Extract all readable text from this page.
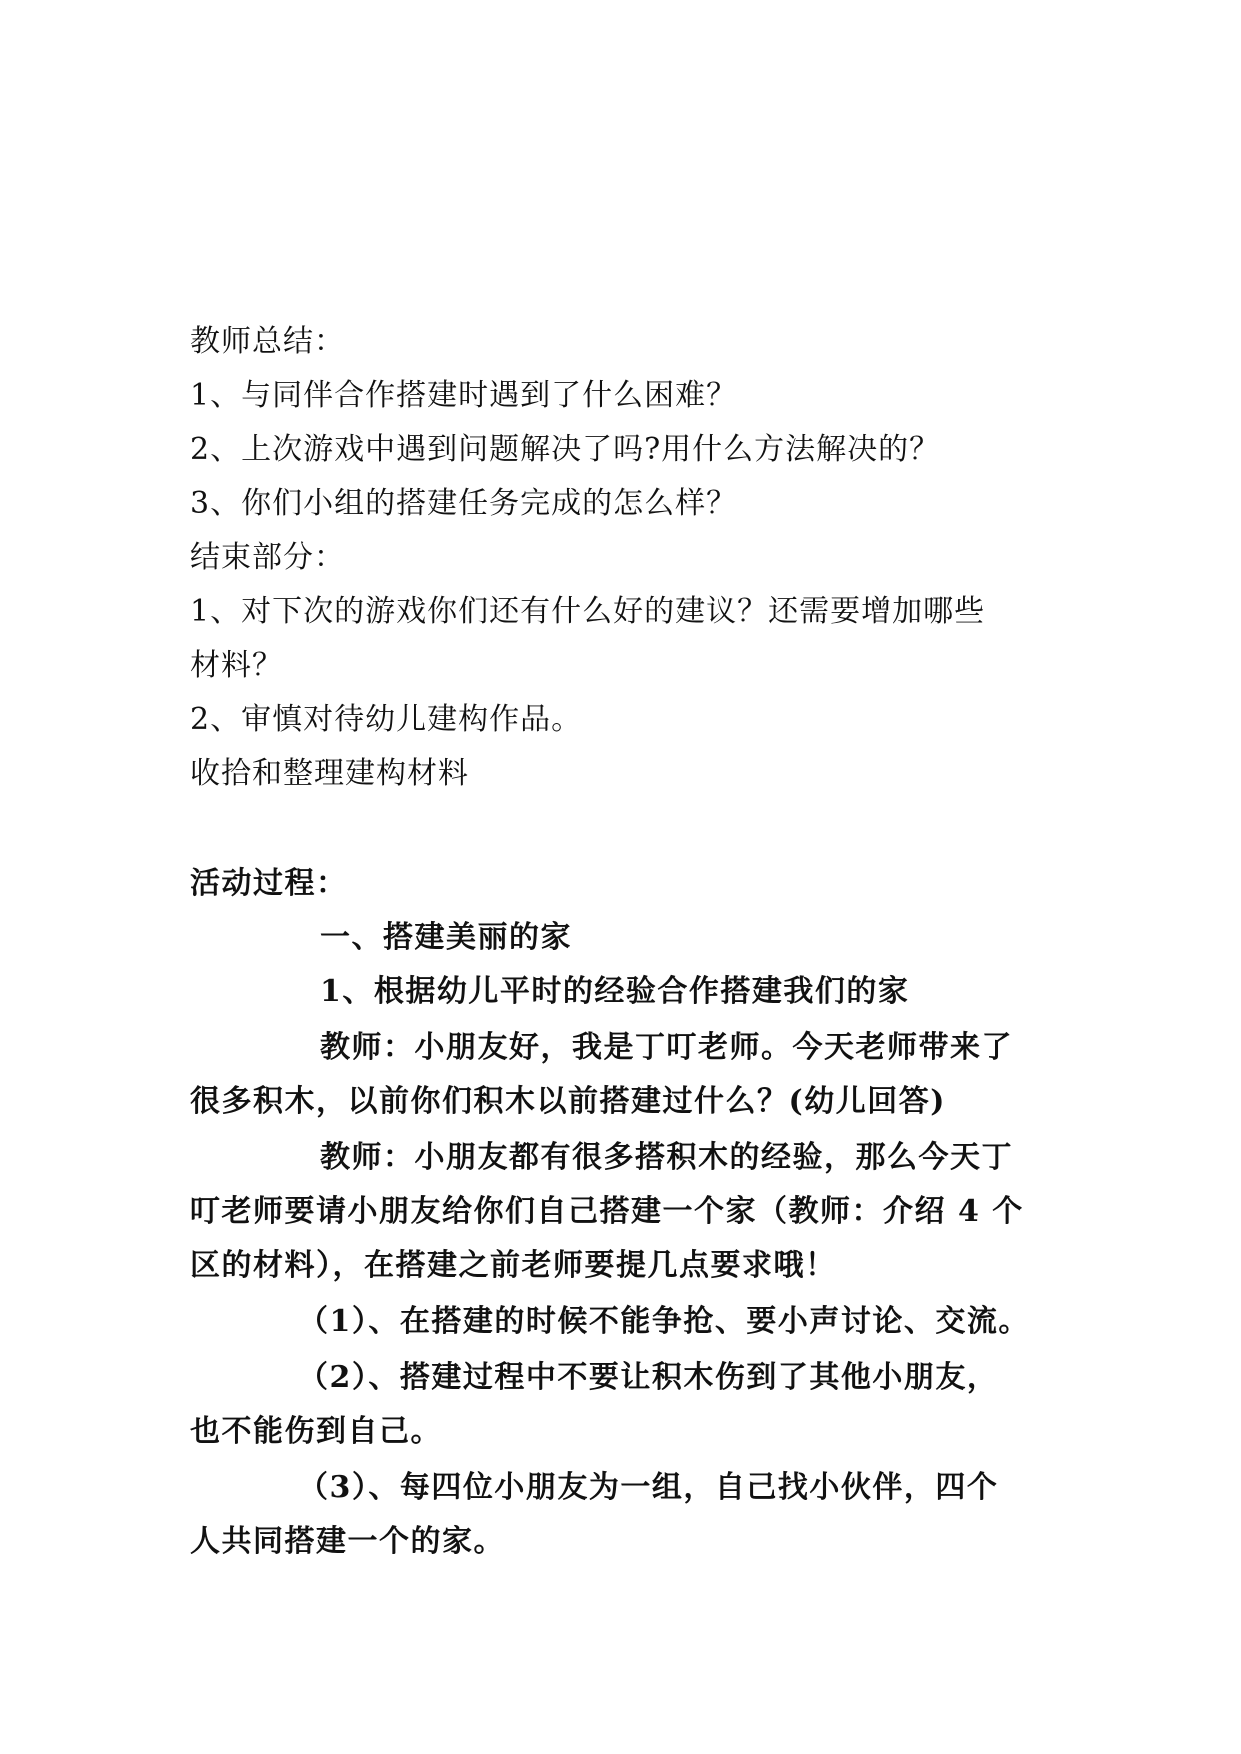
教师总结：
1、与同伴合作搭建时遇到了什么困难？
2、上次游戏中遇到问题解决了吗?用什么方法解决的？
3、你们小组的搭建任务完成的怎么样？
结束部分：
1、对下次的游戏你们还有什么好的建议？还需要增加哪些
材料？
2、审慎对待幼儿建构作品。
收拾和整理建构材料
活动过程：
一、搭建美丽的家
1、根据幼儿平时的经验合作搭建我们的家
教师：小朋友好，我是丁叮老师。今天老师带来了
很多积木，以前你们积木以前搭建过什么？(幼儿回答)
教师：小朋友都有很多搭积木的经验，那么今天丁
叮老师要请小朋友给你们自己搭建一个家（教师：介绍 4 个
区的材料），在搭建之前老师要提几点要求哦！
（1）、在搭建的时候不能争抢、要小声讨论、交流。
（2）、搭建过程中不要让积木伤到了其他小朋友，
也不能伤到自己。
（3）、每四位小朋友为一组，自己找小伙伴，四个
人共同搭建一个的家。
